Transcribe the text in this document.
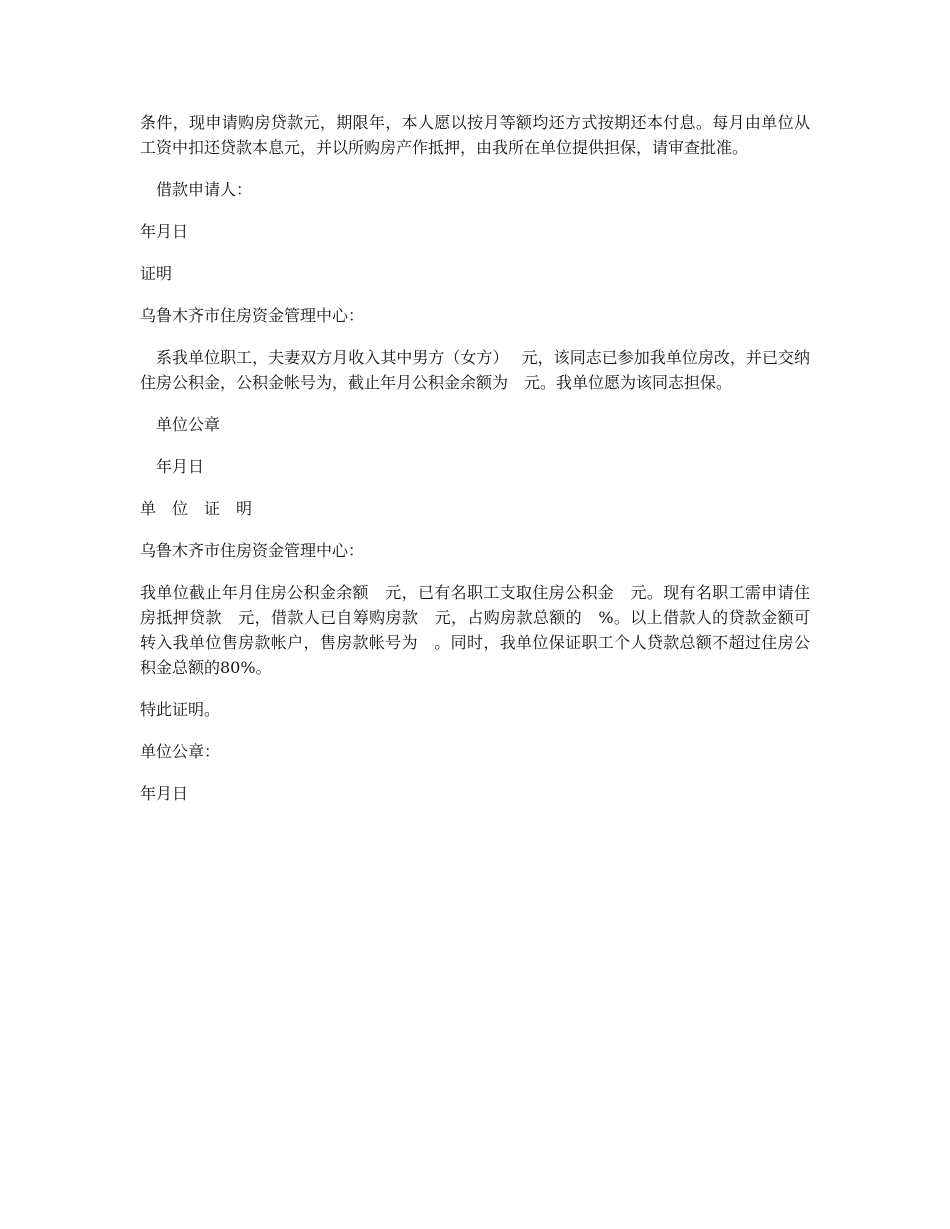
条件，现申请购房贷款元，期限年，本人愿以按月等额均还方式按期还本付息。每月由单位从工资中扣还贷款本息元，并以所购房产作抵押，由我所在单位提供担保，请审查批准。

　借款申请人：

年月日

证明

乌鲁木齐市住房资金管理中心：

　系我单位职工，夫妻双方月收入其中男方（女方）　 元，该同志已参加我单位房改，并已交纳住房公积金，公积金帐号为，截止年月公积金余额为　元。我单位愿为该同志担保。

　单位公章

　年月日

单　位　证　明

乌鲁木齐市住房资金管理中心：

我单位截止年月住房公积金余额　元，已有名职工支取住房公积金　元。现有名职工需申请住房抵押贷款　元，借款人已自筹购房款　元，占购房款总额的　%。以上借款人的贷款金额可转入我单位售房款帐户，售房款帐号为　。同时，我单位保证职工个人贷款总额不超过住房公积金总额的80%。

特此证明。

单位公章：

年月日
